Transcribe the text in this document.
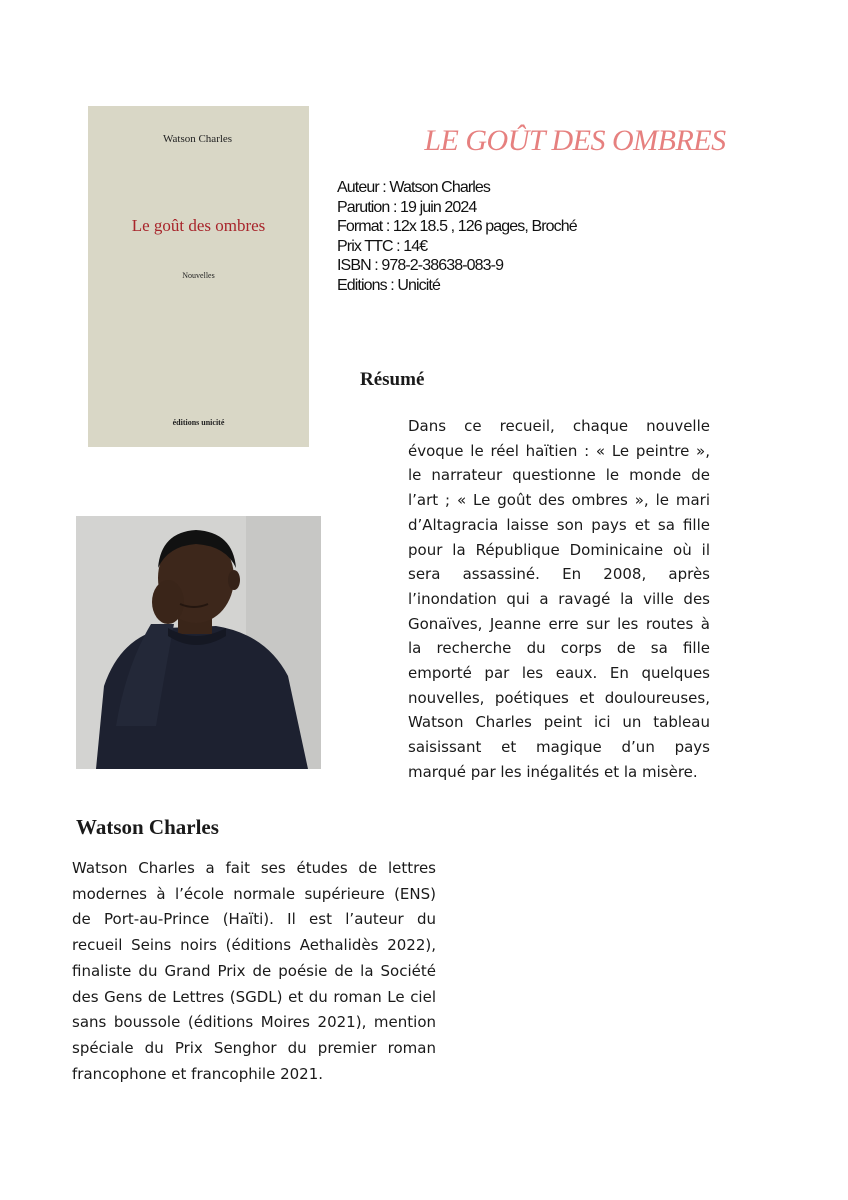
Watson Charles
Le goût des ombres
Nouvelles
éditions unicité
LE GOÛT DES OMBRES
Auteur : Watson Charles
Parution : 19 juin 2024
Format : 12x 18.5 , 126 pages, Broché
Prix TTC : 14€
ISBN : 978-2-38638-083-9
Editions : Unicité
Résumé

Dans ce recueil, chaque nouvelle évoque le réel haïtien : « Le peintre », le narrateur questionne le monde de l’art ; « Le goût des ombres », le mari d’Altagracia laisse son pays et sa fille pour la République Dominicaine où il sera assassiné. En 2008, après l’inondation qui a ravagé la ville des Gonaïves, Jeanne erre sur les routes à la recherche du corps de sa fille emporté par les eaux. En quelques nouvelles, poétiques et douloureuses, Watson Charles peint ici un tableau saisissant et magique d’un pays marqué par les inégalités et la misère.

Watson Charles

Watson Charles a fait ses études de lettres modernes à l’école normale supérieure (ENS) de Port-au-Prince (Haïti). Il est l’auteur du recueil Seins noirs (éditions Aethalidès 2022), finaliste du Grand Prix de poésie de la Société des Gens de Lettres (SGDL) et du roman Le ciel sans boussole (éditions Moires 2021), mention spéciale du Prix Senghor du premier roman francophone et francophile 2021.
